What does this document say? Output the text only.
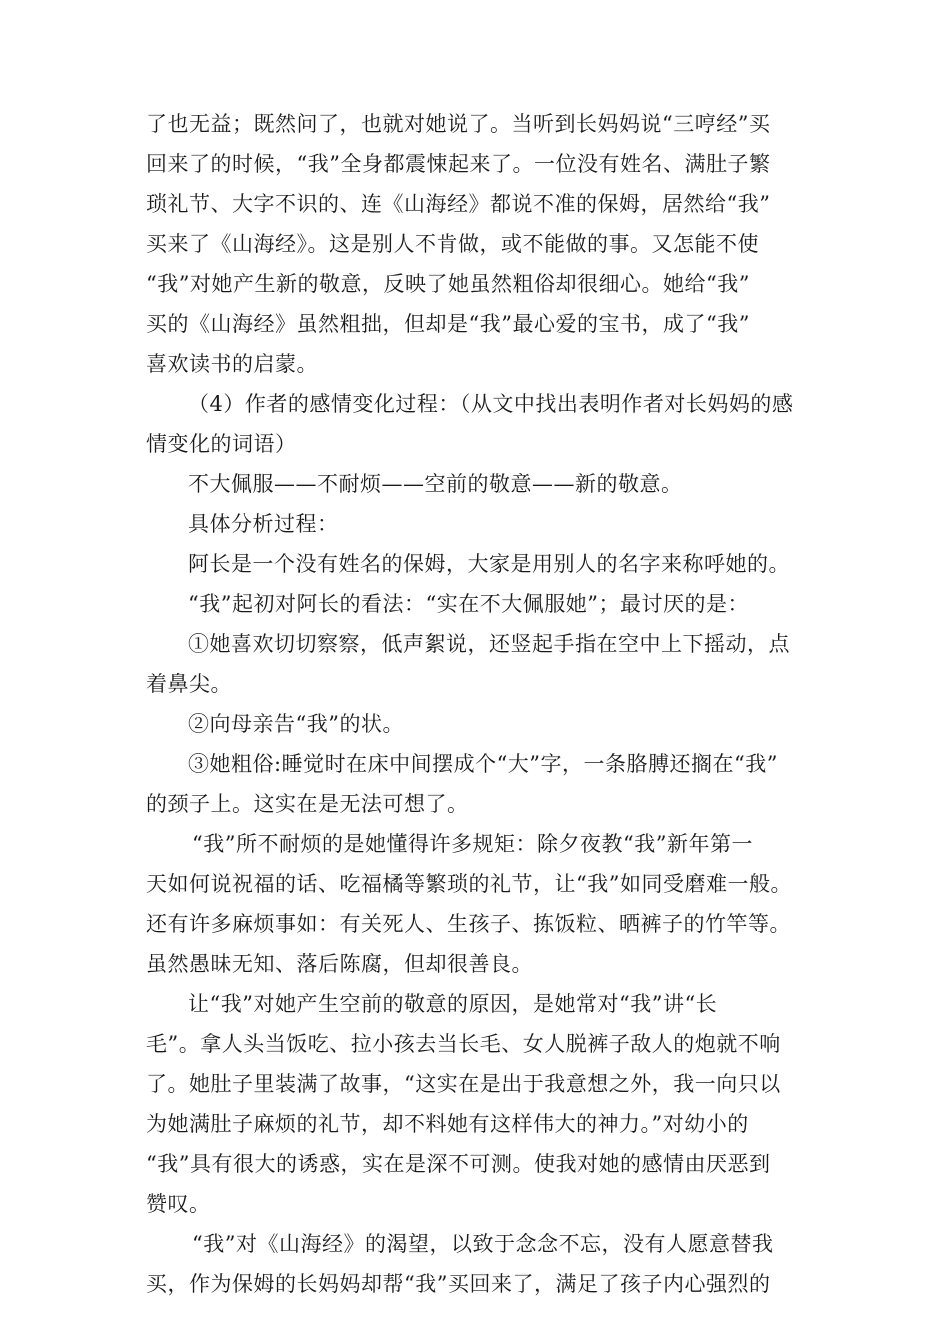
了也无益；既然问了，也就对她说了。当听到长妈妈说“三哼经”买
回来了的时候，“我”全身都震悚起来了。一位没有姓名、满肚子繁
琐礼节、大字不识的、连《山海经》都说不准的保姆，居然给“我”
买来了《山海经》。这是别人不肯做，或不能做的事。又怎能不使
“我”对她产生新的敬意，反映了她虽然粗俗却很细心。她给“我”
买的《山海经》虽然粗拙，但却是“我”最心爱的宝书，成了“我”
喜欢读书的启蒙。
（4）作者的感情变化过程：（从文中找出表明作者对长妈妈的感
情变化的词语）
不大佩服——不耐烦——空前的敬意——新的敬意。
具体分析过程：
阿长是一个没有姓名的保姆，大家是用别人的名字来称呼她的。
“我”起初对阿长的看法：“实在不大佩服她”；最讨厌的是：
①她喜欢切切察察，低声絮说，还竖起手指在空中上下摇动，点
着鼻尖。
②向母亲告“我”的状。
③她粗俗:睡觉时在床中间摆成个“大”字，一条胳膊还搁在“我”
的颈子上。这实在是无法可想了。
“我”所不耐烦的是她懂得许多规矩：除夕夜教“我”新年第一
天如何说祝福的话、吃福橘等繁琐的礼节，让“我”如同受磨难一般。
还有许多麻烦事如：有关死人、生孩子、拣饭粒、晒裤子的竹竿等。
虽然愚昧无知、落后陈腐，但却很善良。
让“我”对她产生空前的敬意的原因，是她常对“我”讲“长
毛”。拿人头当饭吃、拉小孩去当长毛、女人脱裤子敌人的炮就不响
了。她肚子里装满了故事，“这实在是出于我意想之外，我一向只以
为她满肚子麻烦的礼节，却不料她有这样伟大的神力。”对幼小的
“我”具有很大的诱惑，实在是深不可测。使我对她的感情由厌恶到
赞叹。
“我”对《山海经》的渴望，以致于念念不忘，没有人愿意替我
买，作为保姆的长妈妈却帮“我”买回来了，满足了孩子内心强烈的
